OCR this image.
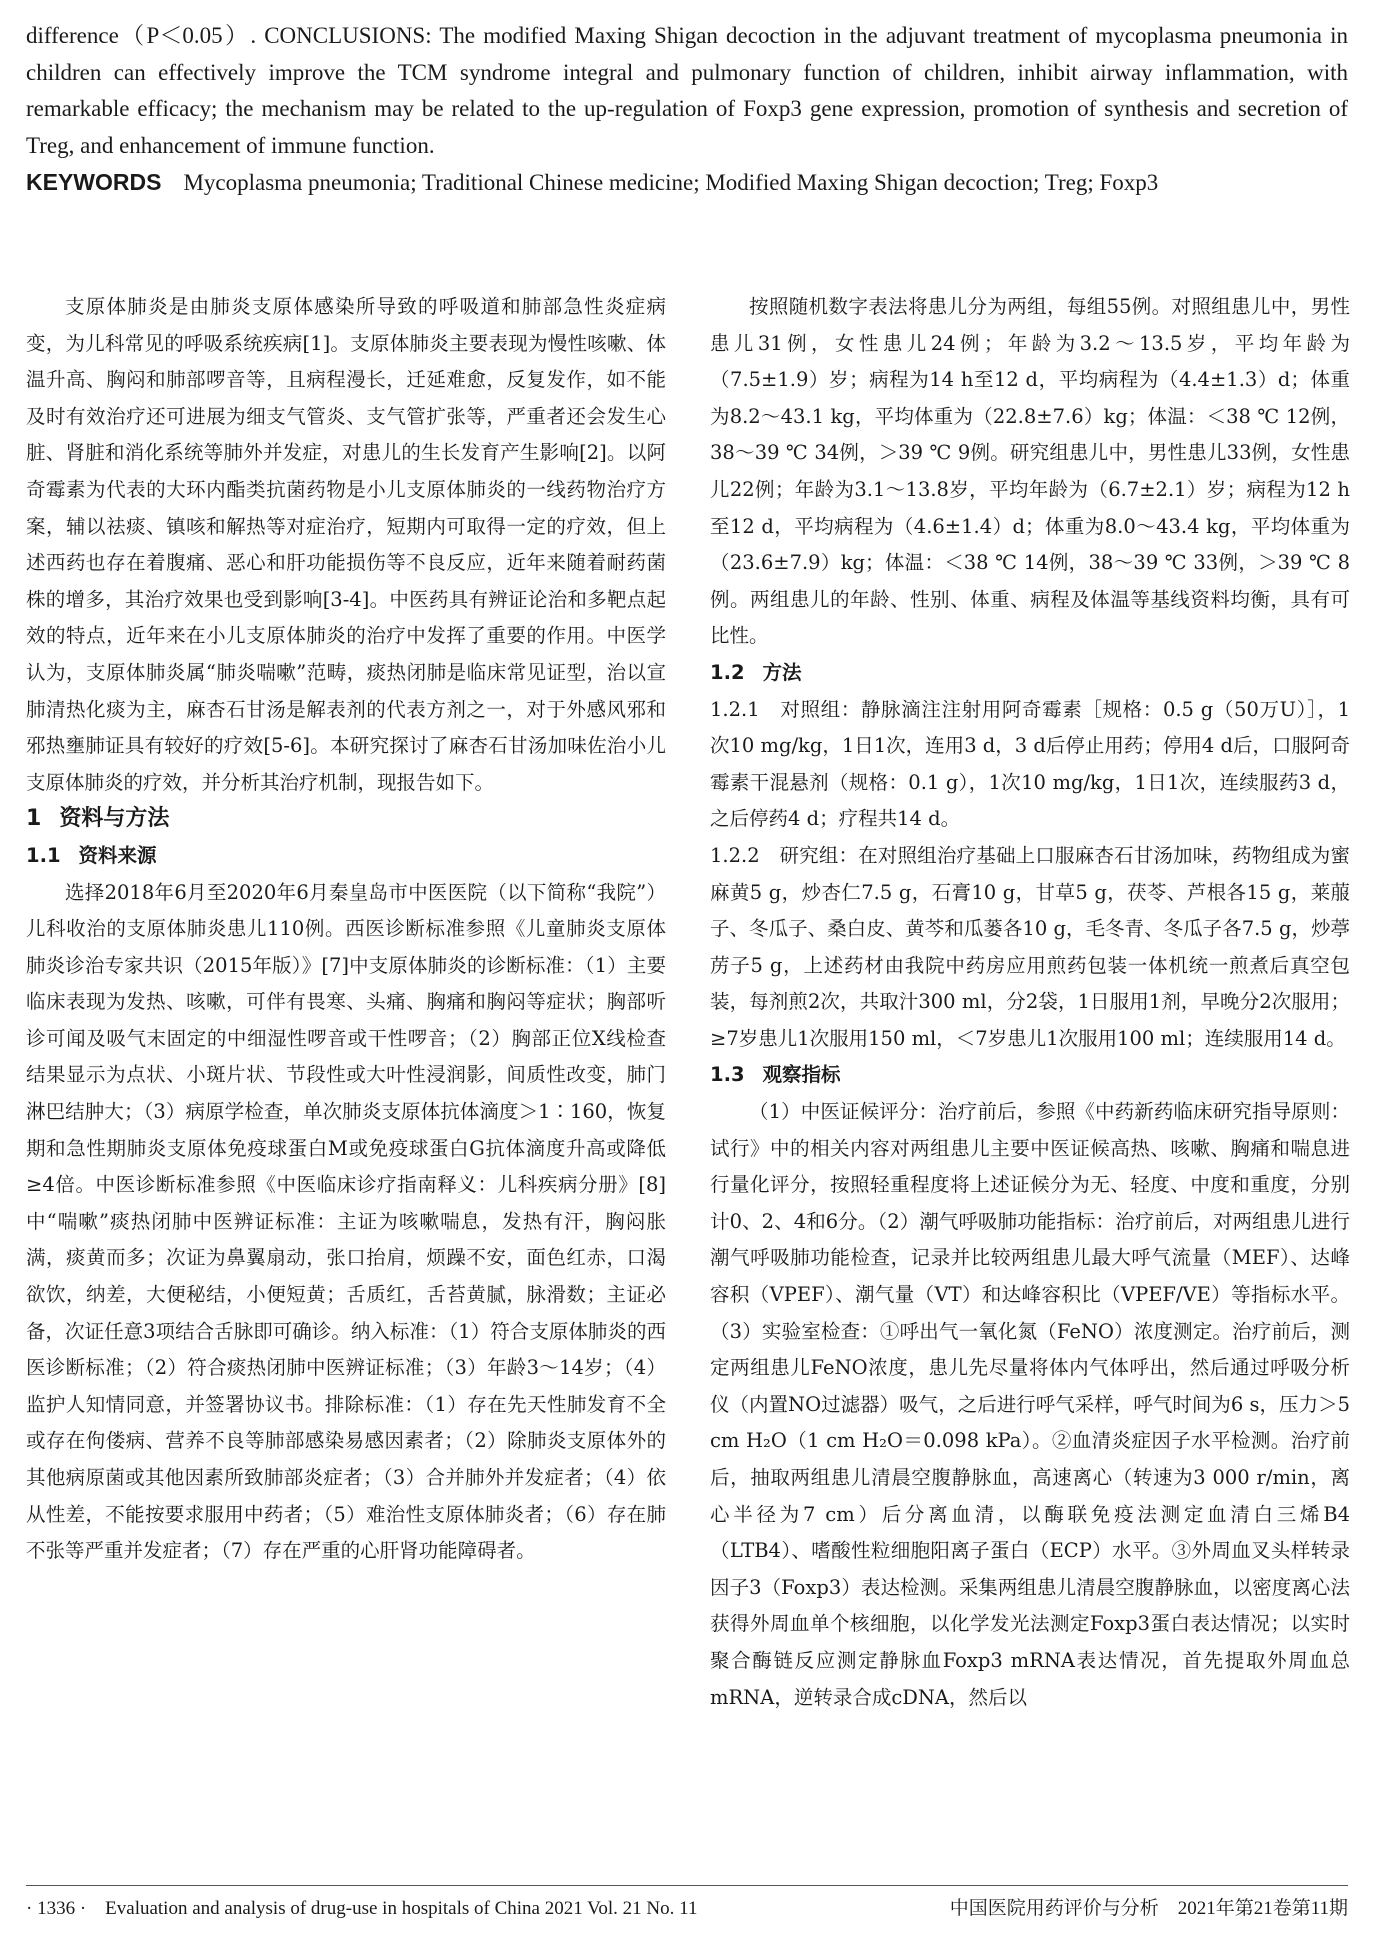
difference（P＜0.05）. CONCLUSIONS: The modified Maxing Shigan decoction in the adjuvant treatment of mycoplasma pneumonia in children can effectively improve the TCM syndrome integral and pulmonary function of children, inhibit airway inflammation, with remarkable efficacy; the mechanism may be related to the up-regulation of Foxp3 gene expression, promotion of synthesis and secretion of Treg, and enhancement of immune function.

KEYWORDS Mycoplasma pneumonia; Traditional Chinese medicine; Modified Maxing Shigan decoction; Treg; Foxp3

支原体肺炎是由肺炎支原体感染所导致的呼吸道和肺部急性炎症病变，为儿科常见的呼吸系统疾病[1]。支原体肺炎主要表现为慢性咳嗽、体温升高、胸闷和肺部啰音等，且病程漫长，迁延难愈，反复发作，如不能及时有效治疗还可进展为细支气管炎、支气管扩张等，严重者还会发生心脏、肾脏和消化系统等肺外并发症，对患儿的生长发育产生影响[2]。以阿奇霉素为代表的大环内酯类抗菌药物是小儿支原体肺炎的一线药物治疗方案，辅以祛痰、镇咳和解热等对症治疗，短期内可取得一定的疗效，但上述西药也存在着腹痛、恶心和肝功能损伤等不良反应，近年来随着耐药菌株的增多，其治疗效果也受到影响[3-4]。中医药具有辨证论治和多靶点起效的特点，近年来在小儿支原体肺炎的治疗中发挥了重要的作用。中医学认为，支原体肺炎属“肺炎喘嗽”范畴，痰热闭肺是临床常见证型，治以宣肺清热化痰为主，麻杏石甘汤是解表剂的代表方剂之一，对于外感风邪和邪热壅肺证具有较好的疗效[5-6]。本研究探讨了麻杏石甘汤加味佐治小儿支原体肺炎的疗效，并分析其治疗机制，现报告如下。

1 资料与方法
1.1 资料来源

选择2018年6月至2020年6月秦皇岛市中医医院（以下简称“我院”）儿科收治的支原体肺炎患儿110例。西医诊断标准参照《儿童肺炎支原体肺炎诊治专家共识（2015年版）》[7]中支原体肺炎的诊断标准：（1）主要临床表现为发热、咳嗽，可伴有畏寒、头痛、胸痛和胸闷等症状；胸部听诊可闻及吸气末固定的中细湿性啰音或干性啰音；（2）胸部正位X线检查结果显示为点状、小斑片状、节段性或大叶性浸润影，间质性改变，肺门淋巴结肿大；（3）病原学检查，单次肺炎支原体抗体滴度＞1∶160，恢复期和急性期肺炎支原体免疫球蛋白M或免疫球蛋白G抗体滴度升高或降低≥4倍。中医诊断标准参照《中医临床诊疗指南释义：儿科疾病分册》[8]中“喘嗽”痰热闭肺中医辨证标准：主证为咳嗽喘息，发热有汗，胸闷胀满，痰黄而多；次证为鼻翼扇动，张口抬肩，烦躁不安，面色红赤，口渴欲饮，纳差，大便秘结，小便短黄；舌质红，舌苔黄腻，脉滑数；主证必备，次证任意3项结合舌脉即可确诊。纳入标准：（1）符合支原体肺炎的西医诊断标准；（2）符合痰热闭肺中医辨证标准；（3）年龄3～14岁；（4）监护人知情同意，并签署协议书。排除标准：（1）存在先天性肺发育不全或存在佝偻病、营养不良等肺部感染易感因素者；（2）除肺炎支原体外的其他病原菌或其他因素所致肺部炎症者；（3）合并肺外并发症者；（4）依从性差，不能按要求服用中药者；（5）难治性支原体肺炎者；（6）存在肺不张等严重并发症者；（7）存在严重的心肝肾功能障碍者。

按照随机数字表法将患儿分为两组，每组55例。对照组患儿中，男性患儿31例，女性患儿24例；年龄为3.2～13.5岁，平均年龄为（7.5±1.9）岁；病程为14 h至12 d，平均病程为（4.4±1.3）d；体重为8.2～43.1 kg，平均体重为（22.8±7.6）kg；体温：＜38 ℃ 12例，38～39 ℃ 34例，＞39 ℃ 9例。研究组患儿中，男性患儿33例，女性患儿22例；年龄为3.1～13.8岁，平均年龄为（6.7±2.1）岁；病程为12 h至12 d，平均病程为（4.6±1.4）d；体重为8.0～43.4 kg，平均体重为（23.6±7.9）kg；体温：＜38 ℃ 14例，38～39 ℃ 33例，＞39 ℃ 8例。两组患儿的年龄、性别、体重、病程及体温等基线资料均衡，具有可比性。

1.2 方法

1.2.1　对照组：静脉滴注注射用阿奇霉素［规格：0.5 g（50万U）］，1次10 mg/kg，1日1次，连用3 d，3 d后停止用药；停用4 d后，口服阿奇霉素干混悬剂（规格：0.1 g），1次10 mg/kg，1日1次，连续服药3 d，之后停药4 d；疗程共14 d。

1.2.2　研究组：在对照组治疗基础上口服麻杏石甘汤加味，药物组成为蜜麻黄5 g，炒杏仁7.5 g，石膏10 g，甘草5 g，茯苓、芦根各15 g，莱菔子、冬瓜子、桑白皮、黄芩和瓜蒌各10 g，毛冬青、冬瓜子各7.5 g，炒葶苈子5 g，上述药材由我院中药房应用煎药包装一体机统一煎煮后真空包装，每剂煎2次，共取汁300 ml，分2袋，1日服用1剂，早晚分2次服用；≥7岁患儿1次服用150 ml，＜7岁患儿1次服用100 ml；连续服用14 d。

1.3 观察指标

（1）中医证候评分：治疗前后，参照《中药新药临床研究指导原则：试行》中的相关内容对两组患儿主要中医证候高热、咳嗽、胸痛和喘息进行量化评分，按照轻重程度将上述证候分为无、轻度、中度和重度，分别计0、2、4和6分。（2）潮气呼吸肺功能指标：治疗前后，对两组患儿进行潮气呼吸肺功能检查，记录并比较两组患儿最大呼气流量（MEF）、达峰容积（VPEF）、潮气量（VT）和达峰容积比（VPEF/VE）等指标水平。（3）实验室检查：①呼出气一氧化氮（FeNO）浓度测定。治疗前后，测定两组患儿FeNO浓度，患儿先尽量将体内气体呼出，然后通过呼吸分析仪（内置NO过滤器）吸气，之后进行呼气采样，呼气时间为6 s，压力＞5 cm H₂O（1 cm H₂O＝0.098 kPa）。②血清炎症因子水平检测。治疗前后，抽取两组患儿清晨空腹静脉血，高速离心（转速为3 000 r/min，离心半径为7 cm）后分离血清，以酶联免疫法测定血清白三烯B4（LTB4）、嗜酸性粒细胞阳离子蛋白（ECP）水平。③外周血叉头样转录因子3（Foxp3）表达检测。采集两组患儿清晨空腹静脉血，以密度离心法获得外周血单个核细胞，以化学发光法测定Foxp3蛋白表达情况；以实时聚合酶链反应测定静脉血Foxp3 mRNA表达情况，首先提取外周血总mRNA，逆转录合成cDNA，然后以

· 1336 ·　Evaluation and analysis of drug-use in hospitals of China 2021 Vol. 21 No. 11	中国医院用药评价与分析　2021年第21卷第11期
